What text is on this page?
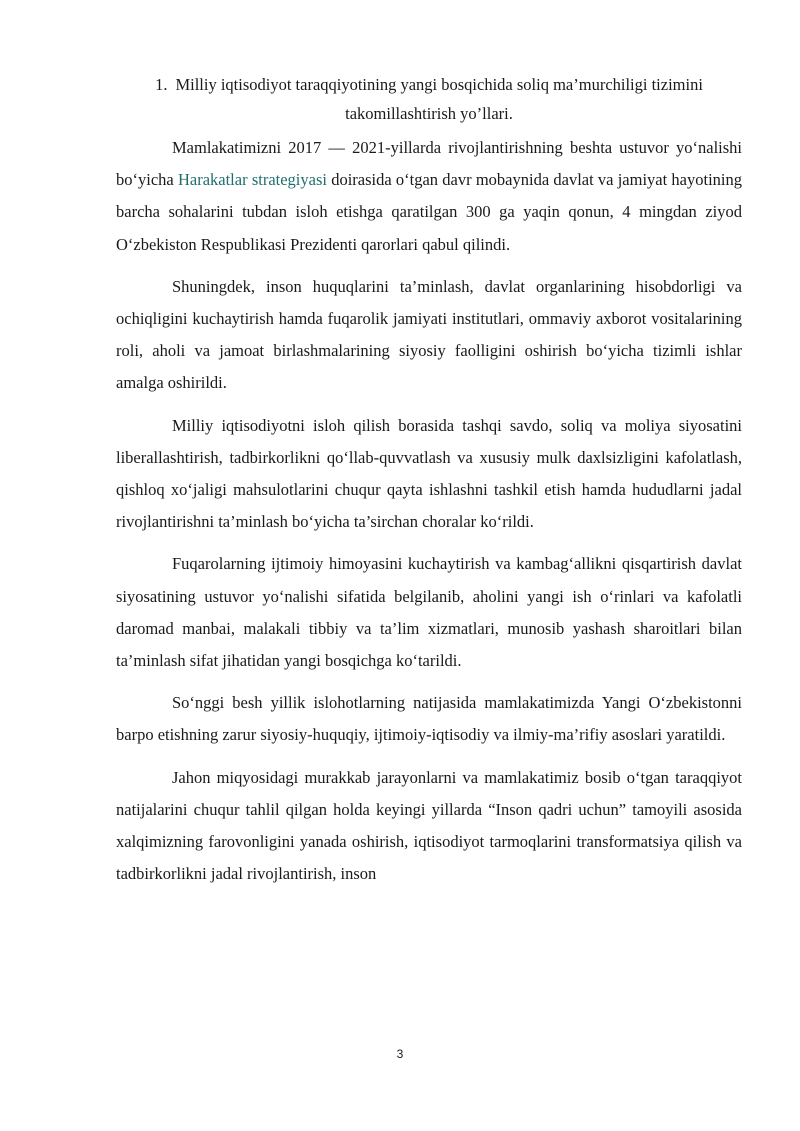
1. Milliy iqtisodiyot taraqqiyotining yangi bosqichida soliq ma’murchiligi tizimini takomillashtirish yo’llari.

Mamlakatimizni 2017 — 2021-yillarda rivojlantirishning beshta ustuvor yo‘nalishi bo‘yicha Harakatlar strategiyasi doirasida o‘tgan davr mobaynida davlat va jamiyat hayotining barcha sohalarini tubdan isloh etishga qaratilgan 300 ga yaqin qonun, 4 mingdan ziyod O‘zbekiston Respublikasi Prezidenti qarorlari qabul qilindi.

Shuningdek, inson huquqlarini ta’minlash, davlat organlarining hisobdorligi va ochiqligini kuchaytirish hamda fuqarolik jamiyati institutlari, ommaviy axborot vositalarining roli, aholi va jamoat birlashmalarining siyosiy faolligini oshirish bo‘yicha tizimli ishlar amalga oshirildi.

Milliy iqtisodiyotni isloh qilish borasida tashqi savdo, soliq va moliya siyosatini liberallashtirish, tadbirkorlikni qo‘llab-quvvatlash va xususiy mulk daxlsizligini kafolatlash, qishloq xo‘jaligi mahsulotlarini chuqur qayta ishlashni tashkil etish hamda hududlarni jadal rivojlantirishni ta’minlash bo‘yicha ta’sirchan choralar ko‘rildi.

Fuqarolarning ijtimoiy himoyasini kuchaytirish va kambag‘allikni qisqartirish davlat siyosatining ustuvor yo‘nalishi sifatida belgilanib, aholini yangi ish o‘rinlari va kafolatli daromad manbai, malakali tibbiy va ta’lim xizmatlari, munosib yashash sharoitlari bilan ta’minlash sifat jihatidan yangi bosqichga ko‘tarildi.

So‘nggi besh yillik islohotlarning natijasida mamlakatimizda Yangi O‘zbekistonni barpo etishning zarur siyosiy-huquqiy, ijtimoiy-iqtisodiy va ilmiy-ma’rifiy asoslari yaratildi.

Jahon miqyosidagi murakkab jarayonlarni va mamlakatimiz bosib o‘tgan taraqqiyot natijalarini chuqur tahlil qilgan holda keyingi yillarda “Inson qadri uchun” tamoyili asosida xalqimizning farovonligini yanada oshirish, iqtisodiyot tarmoqlarini transformatsiya qilish va tadbirkorlikni jadal rivojlantirish, inson

3
